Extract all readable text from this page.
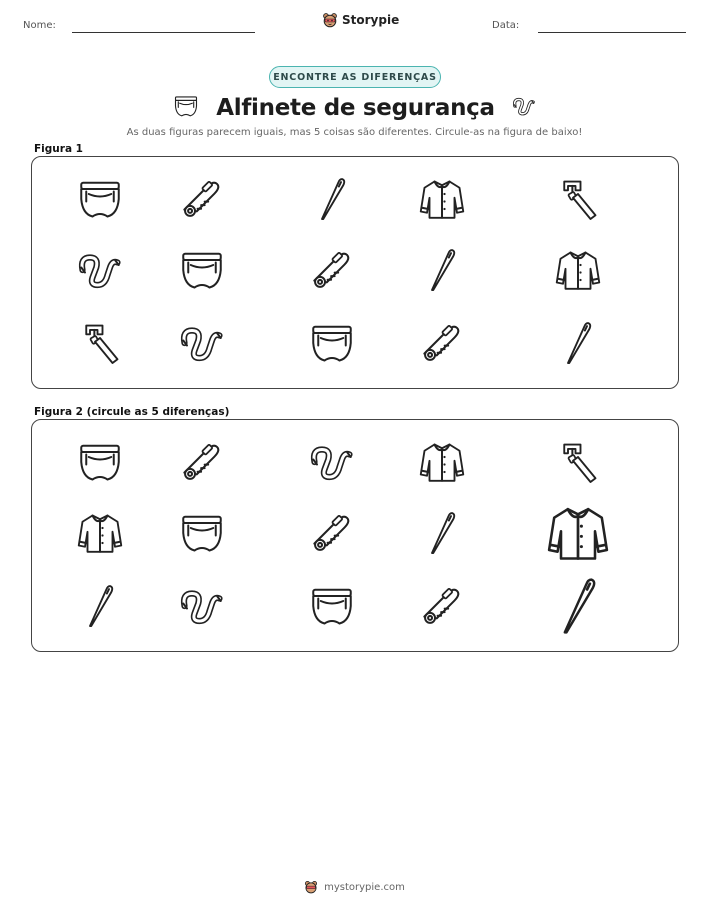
Nome:	Storypie	Data:
ENCONTRE AS DIFERENÇAS
Alfinete de segurança
As duas figuras parecem iguais, mas 5 coisas são diferentes. Circule-as na figura de baixo!
Figura 1
Figura 2 (circule as 5 diferenças)
mystorypie.com
